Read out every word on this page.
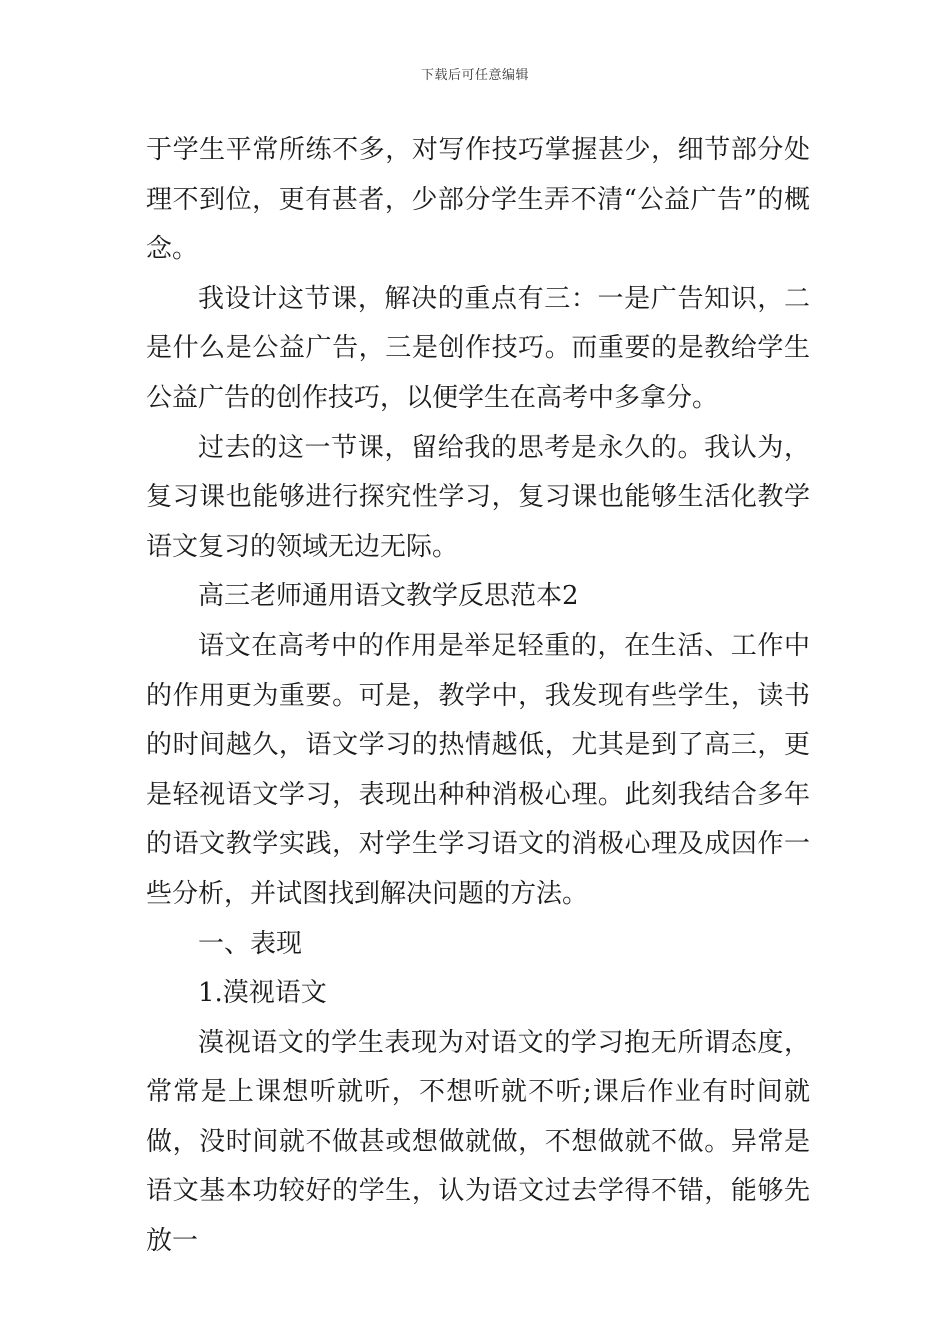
下载后可任意编辑

于学生平常所练不多，对写作技巧掌握甚少，细节部分处理不到位，更有甚者，少部分学生弄不清“公益广告”的概念。

我设计这节课，解决的重点有三：一是广告知识，二是什么是公益广告，三是创作技巧。而重要的是教给学生公益广告的创作技巧，以便学生在高考中多拿分。

过去的这一节课，留给我的思考是永久的。我认为，复习课也能够进行探究性学习，复习课也能够生活化教学语文复习的领域无边无际。

高三老师通用语文教学反思范本2

语文在高考中的作用是举足轻重的，在生活、工作中的作用更为重要。可是，教学中，我发现有些学生，读书的时间越久，语文学习的热情越低，尤其是到了高三，更是轻视语文学习，表现出种种消极心理。此刻我结合多年的语文教学实践，对学生学习语文的消极心理及成因作一些分析，并试图找到解决问题的方法。

一、表现

1.漠视语文

漠视语文的学生表现为对语文的学习抱无所谓态度，常常是上课想听就听，不想听就不听;课后作业有时间就做，没时间就不做甚或想做就做，不想做就不做。异常是语文基本功较好的学生，认为语文过去学得不错，能够先放一
